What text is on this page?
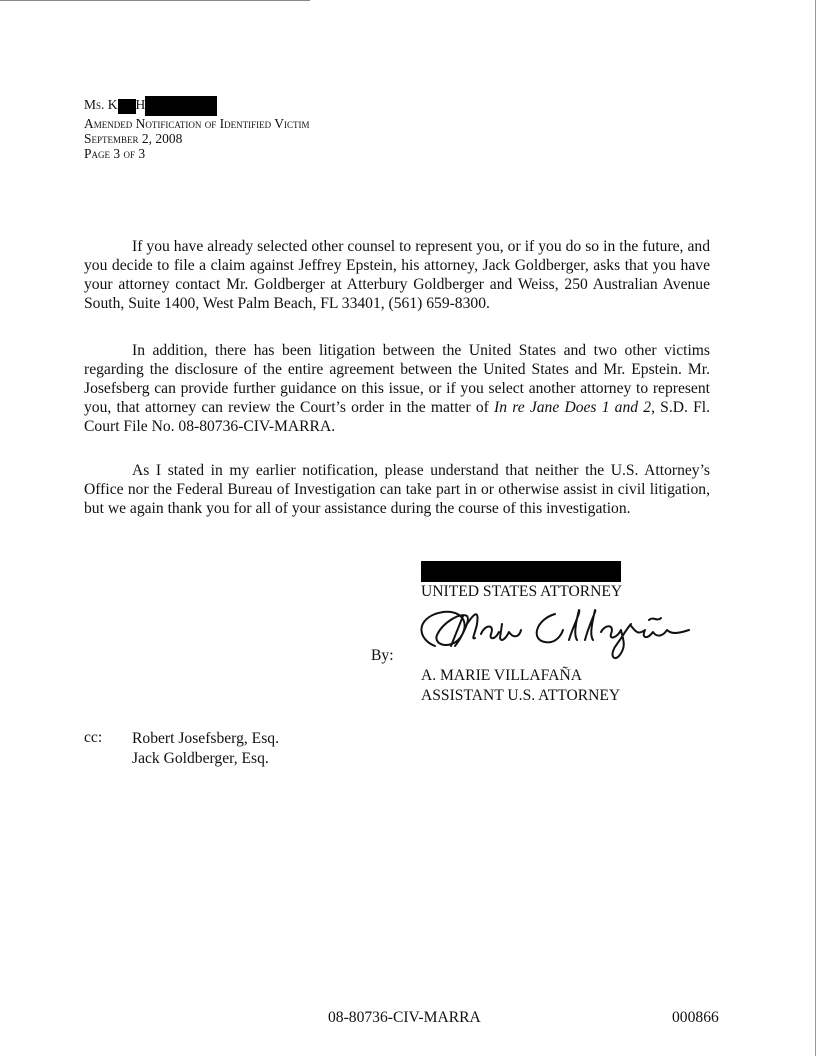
Ms. K H
Amended Notification of Identified Victim
September 2, 2008
Page 3 of 3

If you have already selected other counsel to represent you, or if you do so in the future, and you decide to file a claim against Jeffrey Epstein, his attorney, Jack Goldberger, asks that you have your attorney contact Mr. Goldberger at Atterbury Goldberger and Weiss, 250 Australian Avenue South, Suite 1400, West Palm Beach, FL 33401, (561) 659-8300.

In addition, there has been litigation between the United States and two other victims regarding the disclosure of the entire agreement between the United States and Mr. Epstein. Mr. Josefsberg can provide further guidance on this issue, or if you select another attorney to represent you, that attorney can review the Court’s order in the matter of In re Jane Does 1 and 2, S.D. Fl. Court File No. 08-80736-CIV-MARRA.

As I stated in my earlier notification, please understand that neither the U.S. Attorney’s Office nor the Federal Bureau of Investigation can take part in or otherwise assist in civil litigation, but we again thank you for all of your assistance during the course of this investigation.

UNITED STATES ATTORNEY
By:
A. MARIE VILLAFAÑA
ASSISTANT U.S. ATTORNEY
cc: Robert Josefsberg, Esq.
Jack Goldberger, Esq.
08-80736-CIV-MARRA	000866
